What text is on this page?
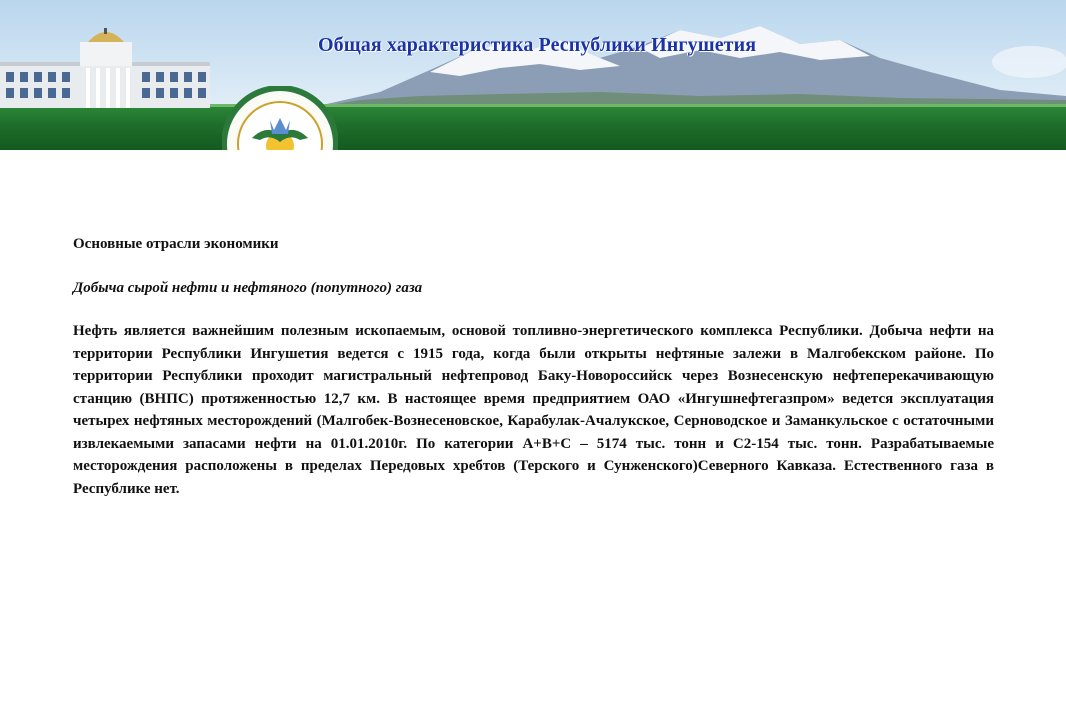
Общая характеристика Республики Ингушетия

Основные отрасли экономики

Добыча сырой нефти и нефтяного (попутного) газа

Нефть является важнейшим полезным ископаемым, основой топливно-энергетического комплекса Республики. Добыча нефти на территории Республики Ингушетия ведется с 1915 года, когда были открыты нефтяные залежи в Малгобекском районе. По территории Республики проходит магистральный нефтепровод Баку-Новороссийск через Вознесенскую нефтеперекачивающую станцию (ВНПС) протяженностью 12,7 км. В настоящее время предприятием ОАО «Ингушнефтегазпром» ведется эксплуатация четырех нефтяных месторождений (Малгобек-Вознесеновское, Карабулак-Ачалукское, Серноводское и Заманкульское с остаточными извлекаемыми запасами нефти на 01.01.2010г. По категории А+В+С – 5174 тыс. тонн и С2-154 тыс. тонн. Разрабатываемые месторождения расположены в пределах Передовых хребтов (Терского и Сунженского)Северного Кавказа. Естественного газа в Республике нет.
